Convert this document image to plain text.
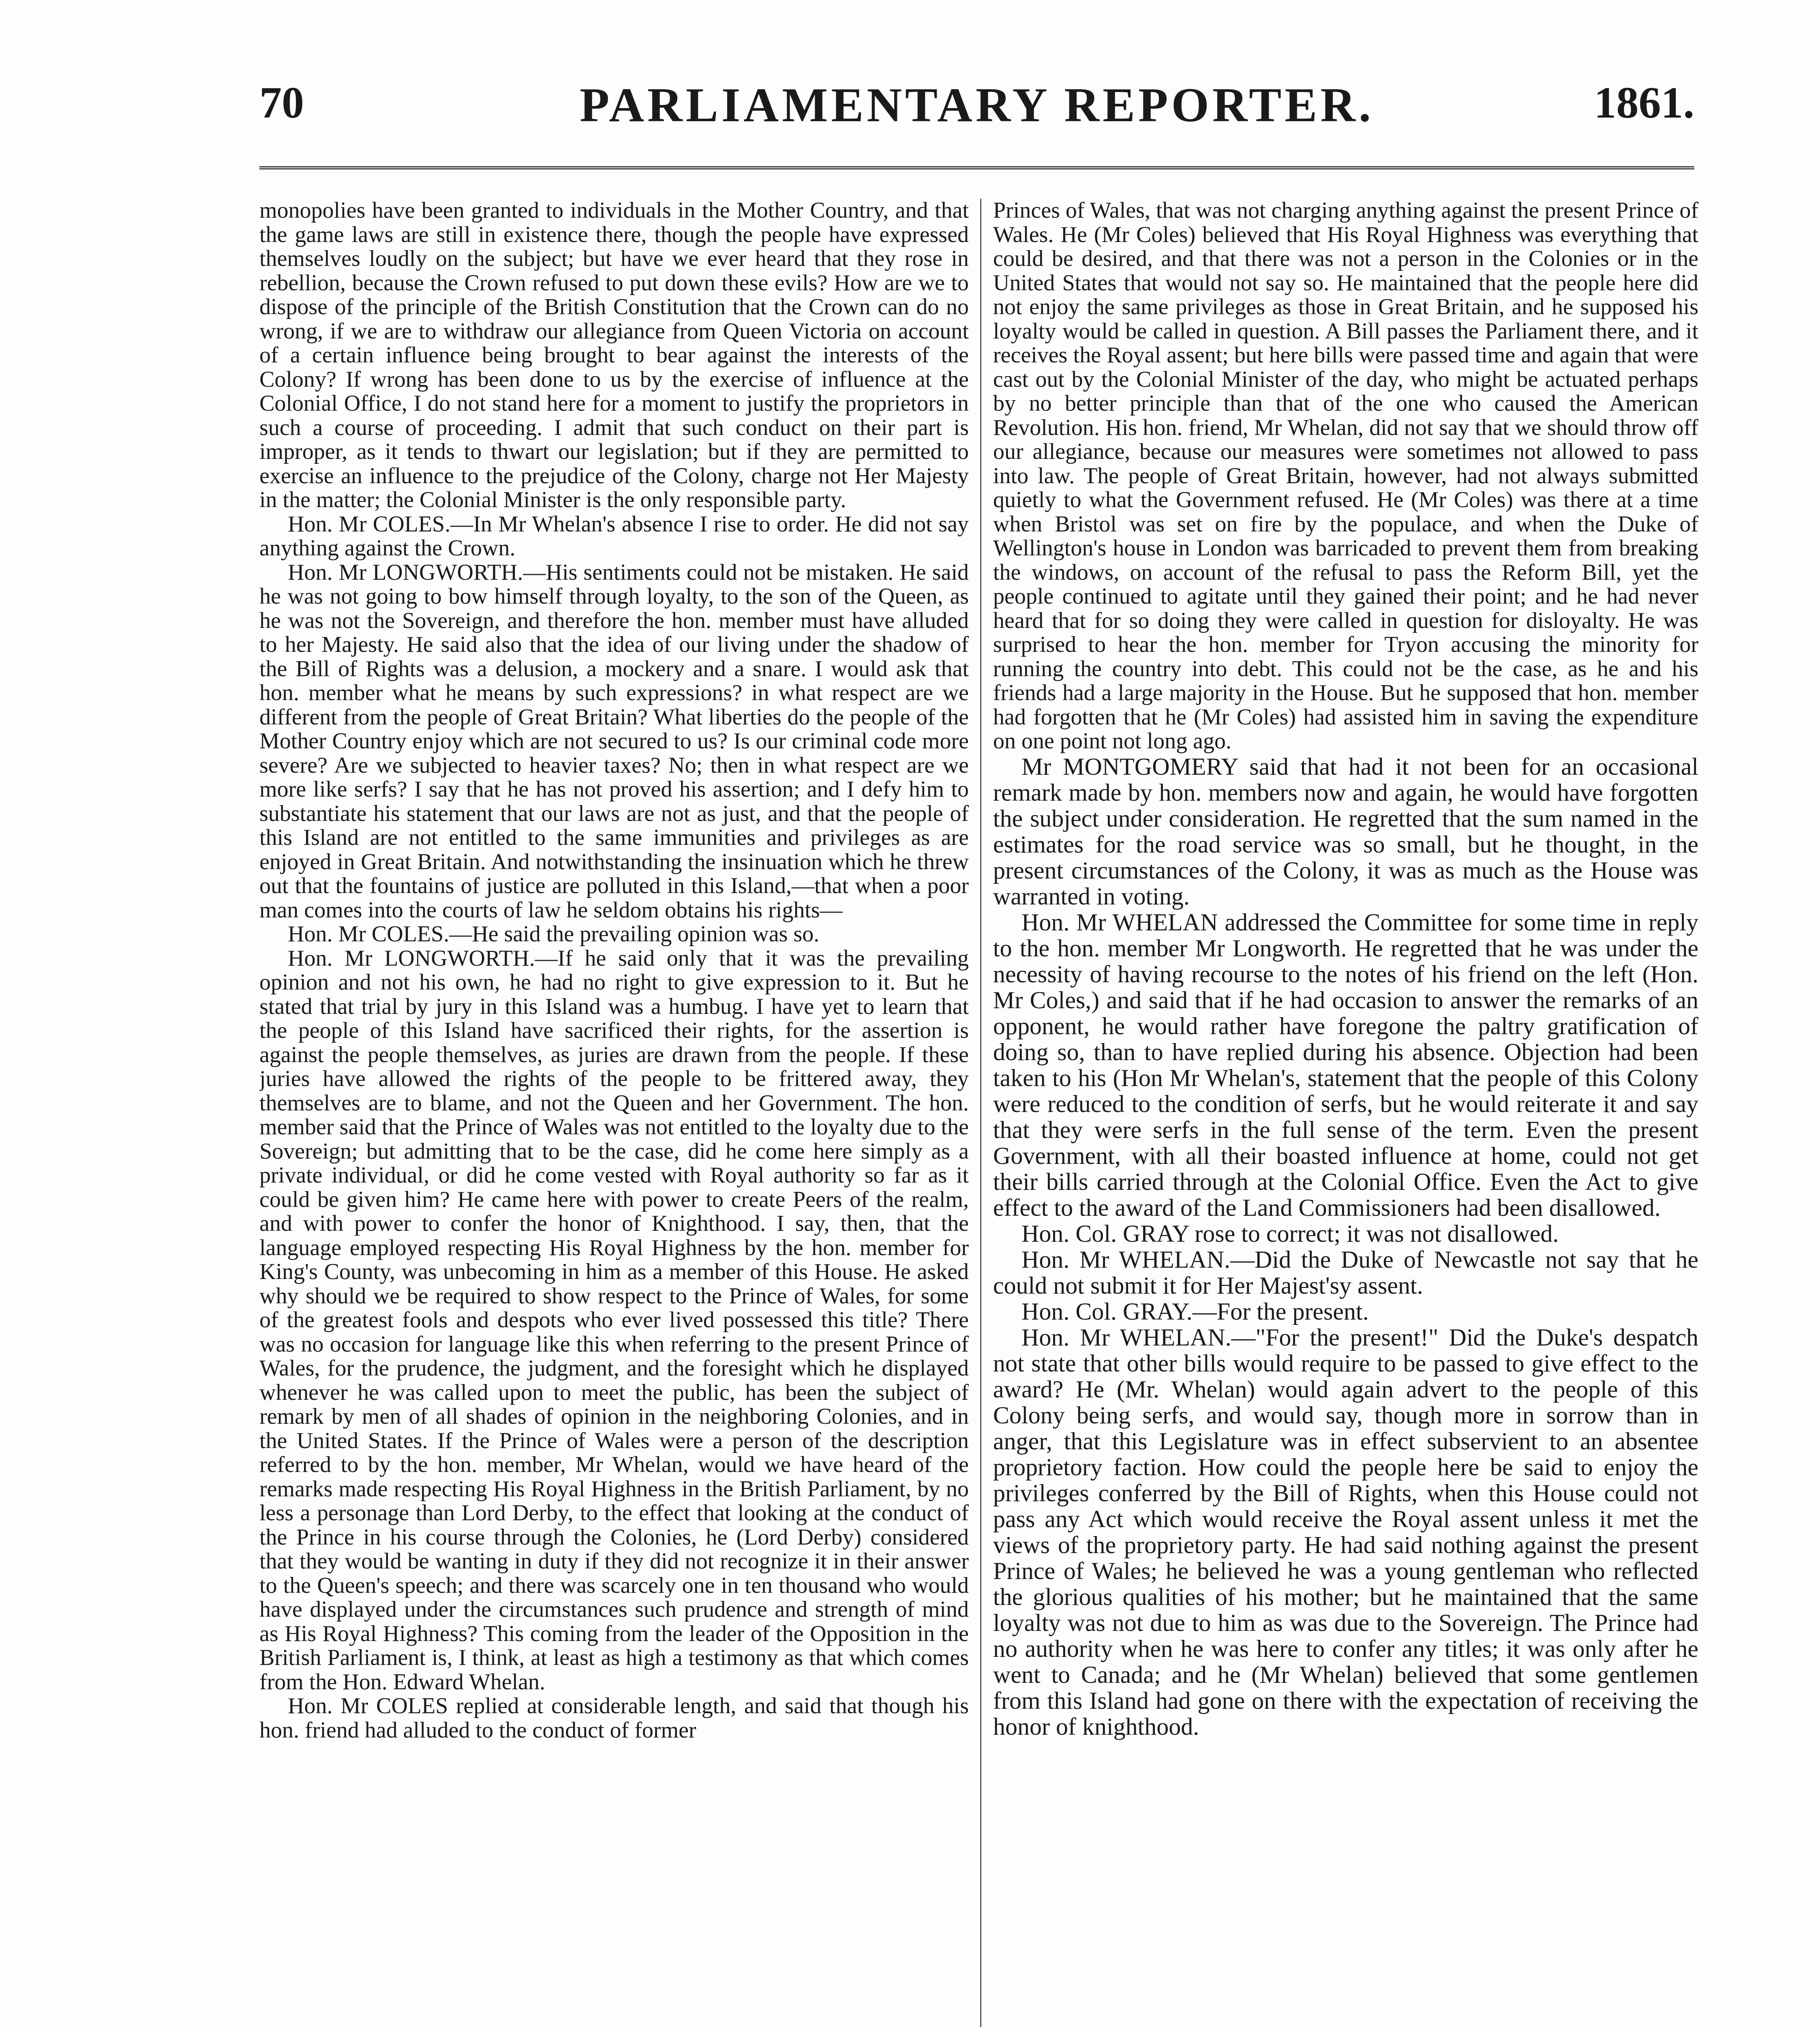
70	PARLIAMENTARY REPORTER.	1861.

monopolies have been granted to individuals in the Mother Country, and that the game laws are still in existence there, though the people have expressed themselves loudly on the subject; but have we ever heard that they rose in rebellion, because the Crown refused to put down these evils? How are we to dispose of the principle of the British Constitution that the Crown can do no wrong, if we are to withdraw our allegiance from Queen Victoria on account of a certain influence being brought to bear against the interests of the Colony? If wrong has been done to us by the exercise of influence at the Colonial Office, I do not stand here for a moment to justify the proprietors in such a course of proceeding. I admit that such conduct on their part is improper, as it tends to thwart our legislation; but if they are permitted to exercise an influence to the prejudice of the Colony, charge not Her Majesty in the matter; the Colonial Minister is the only responsible party.

Hon. Mr COLES.—In Mr Whelan's absence I rise to order. He did not say anything against the Crown.

Hon. Mr LONGWORTH.—His sentiments could not be mistaken. He said he was not going to bow himself through loyalty, to the son of the Queen, as he was not the Sovereign, and therefore the hon. member must have alluded to her Majesty. He said also that the idea of our living under the shadow of the Bill of Rights was a delusion, a mockery and a snare. I would ask that hon. member what he means by such expressions? in what respect are we different from the people of Great Britain? What liberties do the people of the Mother Country enjoy which are not secured to us? Is our criminal code more severe? Are we subjected to heavier taxes? No; then in what respect are we more like serfs? I say that he has not proved his assertion; and I defy him to substantiate his statement that our laws are not as just, and that the people of this Island are not entitled to the same immunities and privileges as are enjoyed in Great Britain. And notwithstanding the insinuation which he threw out that the fountains of justice are polluted in this Island,—that when a poor man comes into the courts of law he seldom obtains his rights—

Hon. Mr COLES.—He said the prevailing opinion was so.

Hon. Mr LONGWORTH.—If he said only that it was the prevailing opinion and not his own, he had no right to give expression to it. But he stated that trial by jury in this Island was a humbug. I have yet to learn that the people of this Island have sacrificed their rights, for the assertion is against the people themselves, as juries are drawn from the people. If these juries have allowed the rights of the people to be frittered away, they themselves are to blame, and not the Queen and her Government. The hon. member said that the Prince of Wales was not entitled to the loyalty due to the Sovereign; but admitting that to be the case, did he come here simply as a private individual, or did he come vested with Royal authority so far as it could be given him? He came here with power to create Peers of the realm, and with power to confer the honor of Knighthood. I say, then, that the language employed respecting His Royal Highness by the hon. member for King's County, was unbecoming in him as a member of this House. He asked why should we be required to show respect to the Prince of Wales, for some of the greatest fools and despots who ever lived possessed this title? There was no occasion for language like this when referring to the present Prince of Wales, for the prudence, the judgment, and the foresight which he displayed whenever he was called upon to meet the public, has been the subject of remark by men of all shades of opinion in the neighboring Colonies, and in the United States. If the Prince of Wales were a person of the description referred to by the hon. member, Mr Whelan, would we have heard of the remarks made respecting His Royal Highness in the British Parliament, by no less a personage than Lord Derby, to the effect that looking at the conduct of the Prince in his course through the Colonies, he (Lord Derby) considered that they would be wanting in duty if they did not recognize it in their answer to the Queen's speech; and there was scarcely one in ten thousand who would have displayed under the circumstances such prudence and strength of mind as His Royal Highness? This coming from the leader of the Opposition in the British Parliament is, I think, at least as high a testimony as that which comes from the Hon. Edward Whelan.

Hon. Mr COLES replied at considerable length, and said that though his hon. friend had alluded to the conduct of former

Princes of Wales, that was not charging anything against the present Prince of Wales. He (Mr Coles) believed that His Royal Highness was everything that could be desired, and that there was not a person in the Colonies or in the United States that would not say so. He maintained that the people here did not enjoy the same privileges as those in Great Britain, and he supposed his loyalty would be called in question. A Bill passes the Parliament there, and it receives the Royal assent; but here bills were passed time and again that were cast out by the Colonial Minister of the day, who might be actuated perhaps by no better principle than that of the one who caused the American Revolution. His hon. friend, Mr Whelan, did not say that we should throw off our allegiance, because our measures were sometimes not allowed to pass into law. The people of Great Britain, however, had not always submitted quietly to what the Government refused. He (Mr Coles) was there at a time when Bristol was set on fire by the populace, and when the Duke of Wellington's house in London was barricaded to prevent them from breaking the windows, on account of the refusal to pass the Reform Bill, yet the people continued to agitate until they gained their point; and he had never heard that for so doing they were called in question for disloyalty. He was surprised to hear the hon. member for Tryon accusing the minority for running the country into debt. This could not be the case, as he and his friends had a large majority in the House. But he supposed that hon. member had forgotten that he (Mr Coles) had assisted him in saving the expenditure on one point not long ago.

Mr MONTGOMERY said that had it not been for an occasional remark made by hon. members now and again, he would have forgotten the subject under consideration. He regretted that the sum named in the estimates for the road service was so small, but he thought, in the present circumstances of the Colony, it was as much as the House was warranted in voting.

Hon. Mr WHELAN addressed the Committee for some time in reply to the hon. member Mr Longworth. He regretted that he was under the necessity of having recourse to the notes of his friend on the left (Hon. Mr Coles,) and said that if he had occasion to answer the remarks of an opponent, he would rather have foregone the paltry gratification of doing so, than to have replied during his absence. Objection had been taken to his (Hon Mr Whelan's, statement that the people of this Colony were reduced to the condition of serfs, but he would reiterate it and say that they were serfs in the full sense of the term. Even the present Government, with all their boasted influence at home, could not get their bills carried through at the Colonial Office. Even the Act to give effect to the award of the Land Commissioners had been disallowed.

Hon. Col. GRAY rose to correct; it was not disallowed.

Hon. Mr WHELAN.—Did the Duke of Newcastle not say that he could not submit it for Her Majest'sy assent.

Hon. Col. GRAY.—For the present.

Hon. Mr WHELAN.—"For the present!" Did the Duke's despatch not state that other bills would require to be passed to give effect to the award? He (Mr. Whelan) would again advert to the people of this Colony being serfs, and would say, though more in sorrow than in anger, that this Legislature was in effect subservient to an absentee proprietory faction. How could the people here be said to enjoy the privileges conferred by the Bill of Rights, when this House could not pass any Act which would receive the Royal assent unless it met the views of the proprietory party. He had said nothing against the present Prince of Wales; he believed he was a young gentleman who reflected the glorious qualities of his mother; but he maintained that the same loyalty was not due to him as was due to the Sovereign. The Prince had no authority when he was here to confer any titles; it was only after he went to Canada; and he (Mr Whelan) believed that some gentlemen from this Island had gone on there with the expectation of receiving the honor of knighthood.
